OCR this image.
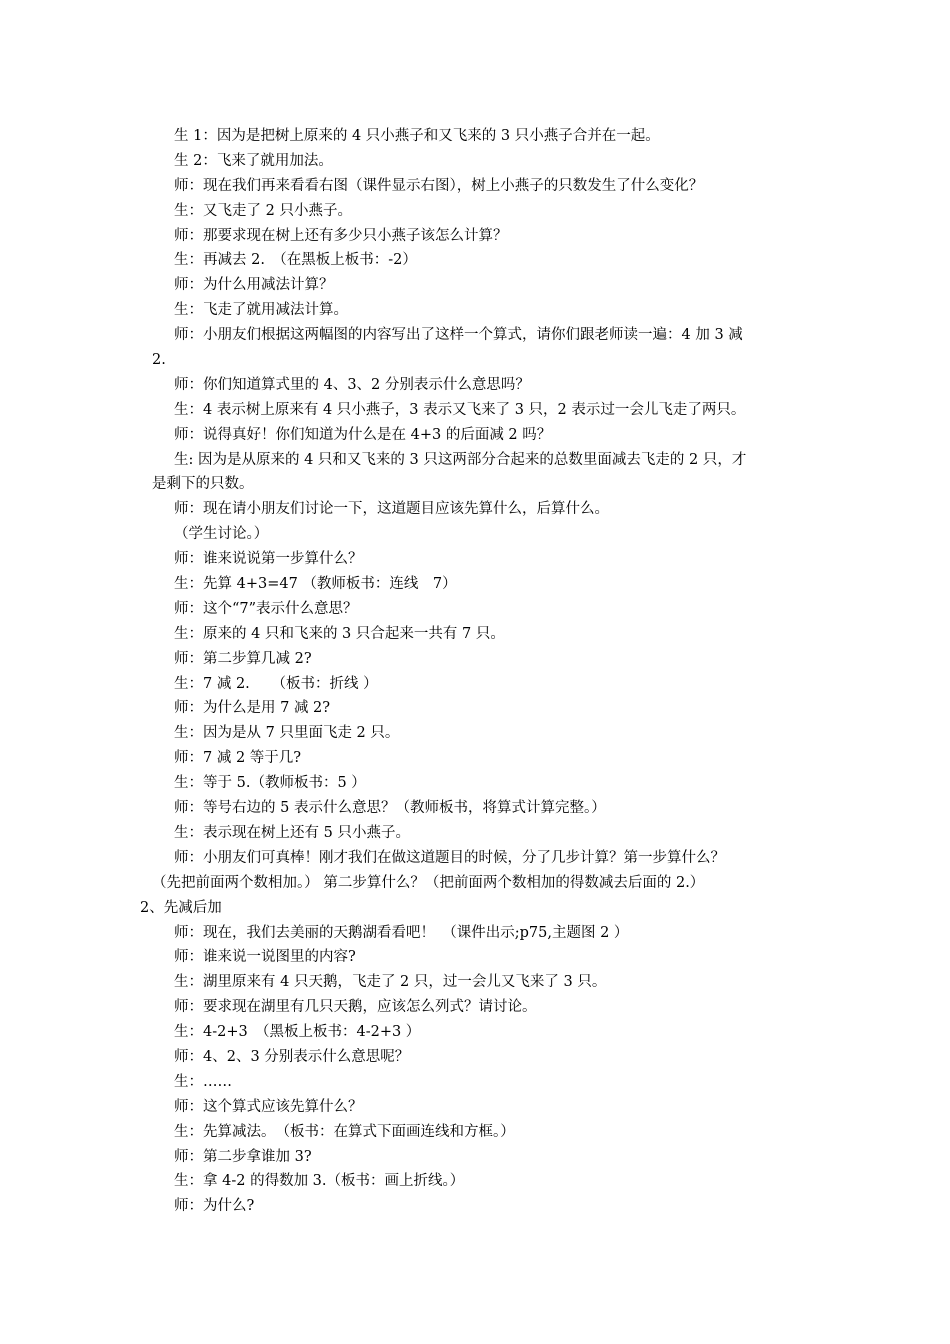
生 1：因为是把树上原来的 4 只小燕子和又飞来的 3 只小燕子合并在一起。
生 2：飞来了就用加法。
师：现在我们再来看看右图（课件显示右图），树上小燕子的只数发生了什么变化？
生：又飞走了 2 只小燕子。
师：那要求现在树上还有多少只小燕子该怎么计算？
生：再减去 2.　（在黑板上板书：-2）
师：为什么用减法计算？
生：飞走了就用减法计算。
师：小朋友们根据这两幅图的内容写出了这样一个算式，请你们跟老师读一遍：4 加 3 减
2.
师：你们知道算式里的 4、3、2 分别表示什么意思吗？
生：4 表示树上原来有 4 只小燕子，3 表示又飞来了 3 只，2 表示过一会儿飞走了两只。
师：说得真好！你们知道为什么是在 4+3 的后面减 2 吗？
生: 因为是从原来的 4 只和又飞来的 3 只这两部分合起来的总数里面减去飞走的 2 只，才
是剩下的只数。
师：现在请小朋友们讨论一下，这道题目应该先算什么，后算什么。
（学生讨论。）
师：谁来说说第一步算什么？
生：先算 4+3=47 （教师板书：连线　7）
师：这个“7”表示什么意思？
生：原来的 4 只和飞来的 3 只合起来一共有 7 只。
师：第二步算几减 2?
生：7 减 2.　　（板书：折线 ）
师：为什么是用 7 减 2?
生：因为是从 7 只里面飞走 2 只。
师：7 减 2 等于几?
生：等于 5.（教师板书：5 ）
师：等号右边的 5 表示什么意思？（教师板书，将算式计算完整。）
生：表示现在树上还有 5 只小燕子。
师：小朋友们可真棒！刚才我们在做这道题目的时候，分了几步计算？第一步算什么？
（先把前面两个数相加。） 第二步算什么？（把前面两个数相加的得数减去后面的 2.）
2、先减后加
师：现在，我们去美丽的天鹅湖看看吧！　（课件出示;p75,主题图 2 ）
师：谁来说一说图里的内容?
生：湖里原来有 4 只天鹅，飞走了 2 只，过一会儿又飞来了 3 只。
师：要求现在湖里有几只天鹅，应该怎么列式？请讨论。
生：4-2+3　（黑板上板书：4-2+3 ）
师：4、2、3 分别表示什么意思呢？
生：……
师：这个算式应该先算什么？
生：先算减法。　（板书：在算式下面画连线和方框。）
师：第二步拿谁加 3?
生：拿 4-2 的得数加 3.（板书：画上折线。）
师：为什么?
